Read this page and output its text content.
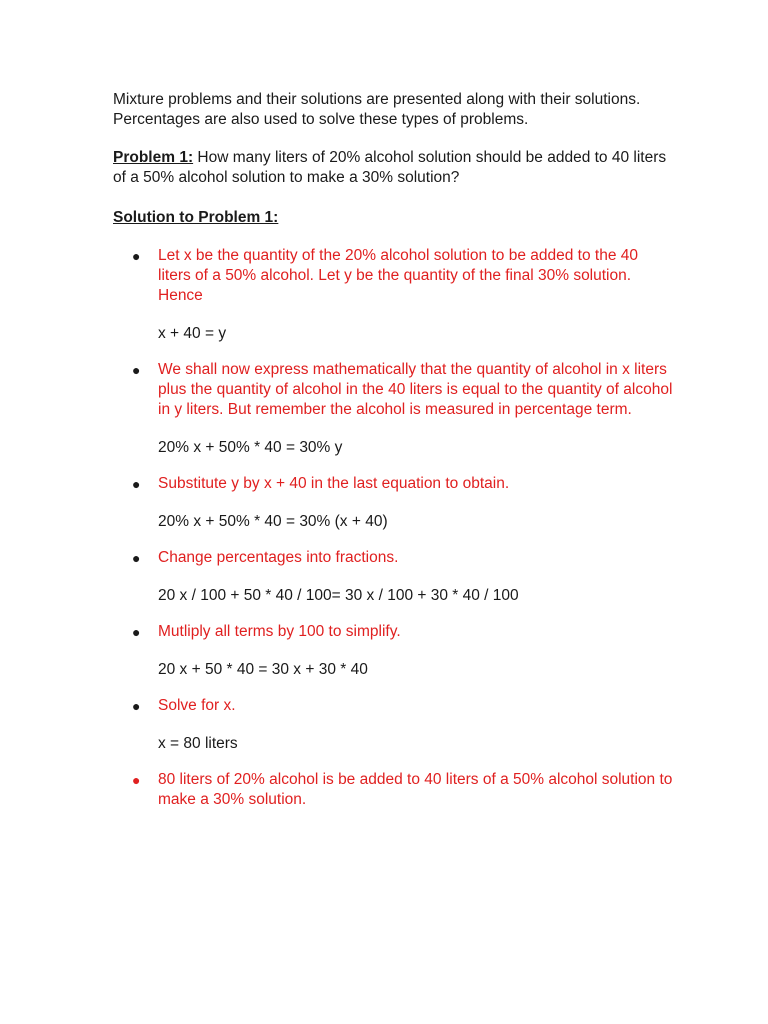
Mixture problems and their solutions are presented along with their solutions. Percentages are also used to solve these types of problems.

Problem 1: How many liters of 20% alcohol solution should be added to 40 liters of a 50% alcohol solution to make a 30% solution?

Solution to Problem 1:

● Let x be the quantity of the 20% alcohol solution to be added to the 40 liters of a 50% alcohol. Let y be the quantity of the final 30% solution. Hence
x + 40 = y
● We shall now express mathematically that the quantity of alcohol in x liters plus the quantity of alcohol in the 40 liters is equal to the quantity of alcohol in y liters. But remember the alcohol is measured in percentage term.
20% x + 50% * 40 = 30% y
● Substitute y by x + 40 in the last equation to obtain.
20% x + 50% * 40 = 30% (x + 40)
● Change percentages into fractions.
20 x / 100 + 50 * 40 / 100= 30 x / 100 + 30 * 40 / 100
● Mutliply all terms by 100 to simplify.
20 x + 50 * 40 = 30 x + 30 * 40
● Solve for x.
x = 80 liters
● 80 liters of 20% alcohol is be added to 40 liters of a 50% alcohol solution to make a 30% solution.
